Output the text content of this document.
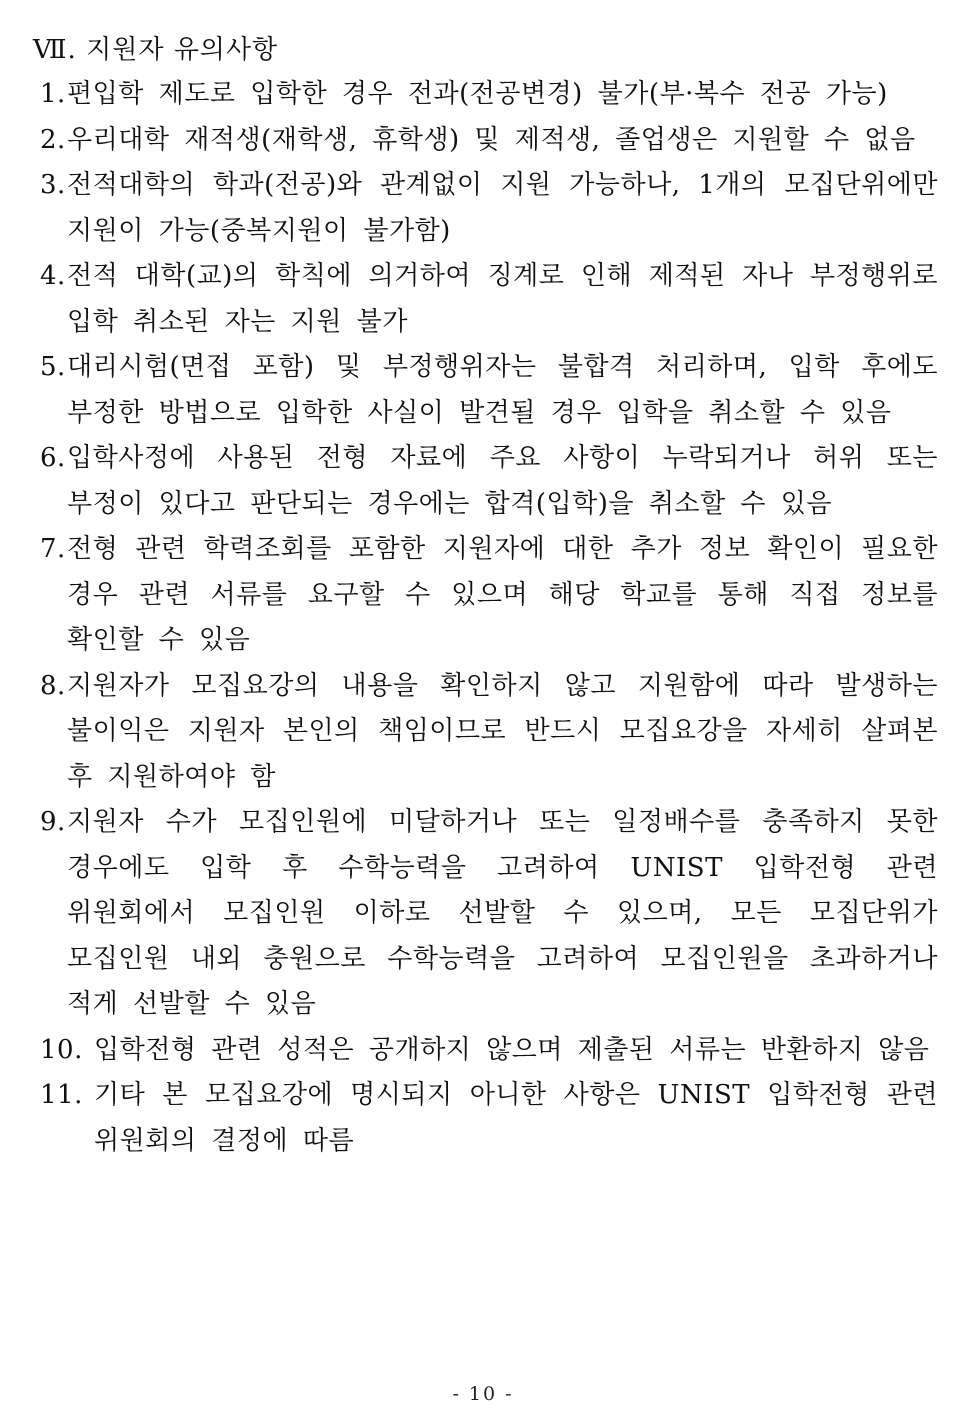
Ⅶ. 지원자 유의사항
1. 편입학 제도로 입학한 경우 전과(전공변경) 불가(부·복수 전공 가능)
2. 우리대학 재적생(재학생, 휴학생) 및 제적생, 졸업생은 지원할 수 없음
3. 전적대학의 학과(전공)와 관계없이 지원 가능하나, 1개의 모집단위에만 지원이 가능(중복지원이 불가함)
4. 전적 대학(교)의 학칙에 의거하여 징계로 인해 제적된 자나 부정행위로 입학 취소된 자는 지원 불가
5. 대리시험(면접 포함) 및 부정행위자는 불합격 처리하며, 입학 후에도 부정한 방법으로 입학한 사실이 발견될 경우 입학을 취소할 수 있음
6. 입학사정에 사용된 전형 자료에 주요 사항이 누락되거나 허위 또는 부정이 있다고 판단되는 경우에는 합격(입학)을 취소할 수 있음
7. 전형 관련 학력조회를 포함한 지원자에 대한 추가 정보 확인이 필요한 경우 관련 서류를 요구할 수 있으며 해당 학교를 통해 직접 정보를 확인할 수 있음
8. 지원자가 모집요강의 내용을 확인하지 않고 지원함에 따라 발생하는 불이익은 지원자 본인의 책임이므로 반드시 모집요강을 자세히 살펴본 후 지원하여야 함
9. 지원자 수가 모집인원에 미달하거나 또는 일정배수를 충족하지 못한 경우에도 입학 후 수학능력을 고려하여 UNIST 입학전형 관련 위원회에서 모집인원 이하로 선발할 수 있으며, 모든 모집단위가 모집인원 내외 충원으로 수학능력을 고려하여 모집인원을 초과하거나 적게 선발할 수 있음
10. 입학전형 관련 성적은 공개하지 않으며 제출된 서류는 반환하지 않음
11. 기타 본 모집요강에 명시되지 아니한 사항은 UNIST 입학전형 관련 위원회의 결정에 따름
- 10 -
